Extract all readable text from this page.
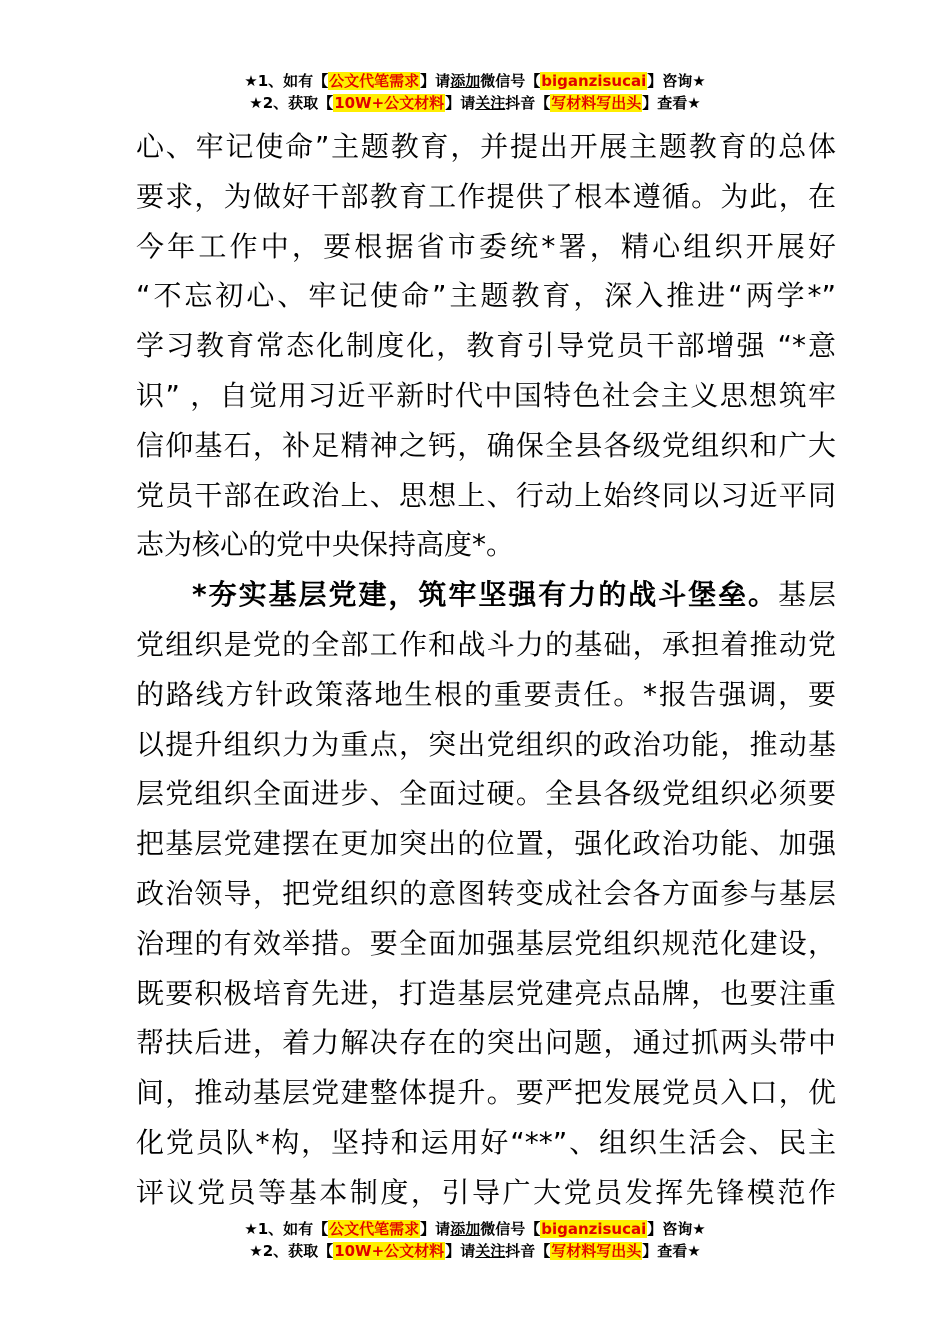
★1、如有【公文代笔需求】请添加微信号【biganzisucai】咨询★
★2、获取【10W+公文材料】请关注抖音【写材料写出头】查看★
心、牢记使命”主题教育，并提出开展主题教育的总体
要求，为做好干部教育工作提供了根本遵循。为此，在
今年工作中，要根据省市委统*署，精心组织开展好
“不忘初心、牢记使命”主题教育，深入推进“两学*”
学习教育常态化制度化，教育引导党员干部增强 “*意
识” ，自觉用习近平新时代中国特色社会主义思想筑牢
信仰基石，补足精神之钙，确保全县各级党组织和广大
党员干部在政治上、思想上、行动上始终同以习近平同
志为核心的党中央保持高度*。
*夯实基层党建，筑牢坚强有力的战斗堡垒。基层
党组织是党的全部工作和战斗力的基础，承担着推动党
的路线方针政策落地生根的重要责任。*报告强调，要
以提升组织力为重点，突出党组织的政治功能，推动基
层党组织全面进步、全面过硬。全县各级党组织必须要
把基层党建摆在更加突出的位置，强化政治功能、加强
政治领导，把党组织的意图转变成社会各方面参与基层
治理的有效举措。要全面加强基层党组织规范化建设，
既要积极培育先进，打造基层党建亮点品牌，也要注重
帮扶后进，着力解决存在的突出问题，通过抓两头带中
间，推动基层党建整体提升。要严把发展党员入口，优
化党员队*构，坚持和运用好“**”、组织生活会、民主
评议党员等基本制度，引导广大党员发挥先锋模范作
★1、如有【公文代笔需求】请添加微信号【biganzisucai】咨询★
★2、获取【10W+公文材料】请关注抖音【写材料写出头】查看★
